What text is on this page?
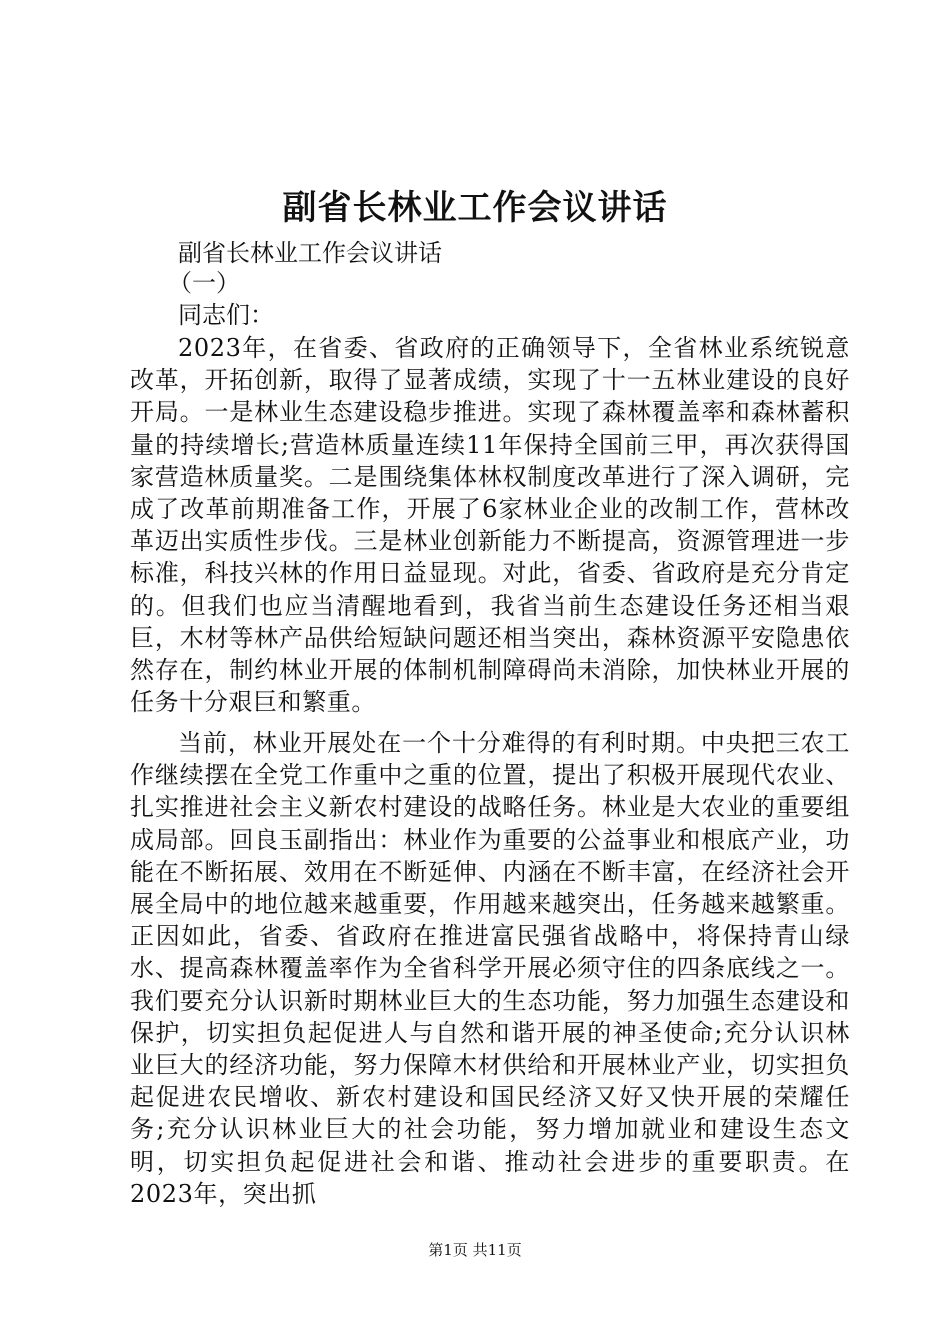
副省长林业工作会议讲话
副省长林业工作会议讲话
（一）
同志们：

2023年，在省委、省政府的正确领导下，全省林业系统锐意改革，开拓创新，取得了显著成绩，实现了十一五林业建设的良好开局。一是林业生态建设稳步推进。实现了森林覆盖率和森林蓄积量的持续增长;营造林质量连续11年保持全国前三甲，再次获得国家营造林质量奖。二是围绕集体林权制度改革进行了深入调研，完成了改革前期准备工作，开展了6家林业企业的改制工作，营林改革迈出实质性步伐。三是林业创新能力不断提高，资源管理进一步标准，科技兴林的作用日益显现。对此，省委、省政府是充分肯定的。但我们也应当清醒地看到，我省当前生态建设任务还相当艰巨，木材等林产品供给短缺问题还相当突出，森林资源平安隐患依然存在，制约林业开展的体制机制障碍尚未消除，加快林业开展的任务十分艰巨和繁重。

当前，林业开展处在一个十分难得的有利时期。中央把三农工作继续摆在全党工作重中之重的位置，提出了积极开展现代农业、扎实推进社会主义新农村建设的战略任务。林业是大农业的重要组成局部。回良玉副指出：林业作为重要的公益事业和根底产业，功能在不断拓展、效用在不断延伸、内涵在不断丰富，在经济社会开展全局中的地位越来越重要，作用越来越突出，任务越来越繁重。正因如此，省委、省政府在推进富民强省战略中，将保持青山绿水、提高森林覆盖率作为全省科学开展必须守住的四条底线之一。我们要充分认识新时期林业巨大的生态功能，努力加强生态建设和保护，切实担负起促进人与自然和谐开展的神圣使命;充分认识林业巨大的经济功能，努力保障木材供给和开展林业产业，切实担负起促进农民增收、新农村建设和国民经济又好又快开展的荣耀任务;充分认识林业巨大的社会功能，努力增加就业和建设生态文明，切实担负起促进社会和谐、推动社会进步的重要职责。在2023年，突出抓

第1页 共11页
